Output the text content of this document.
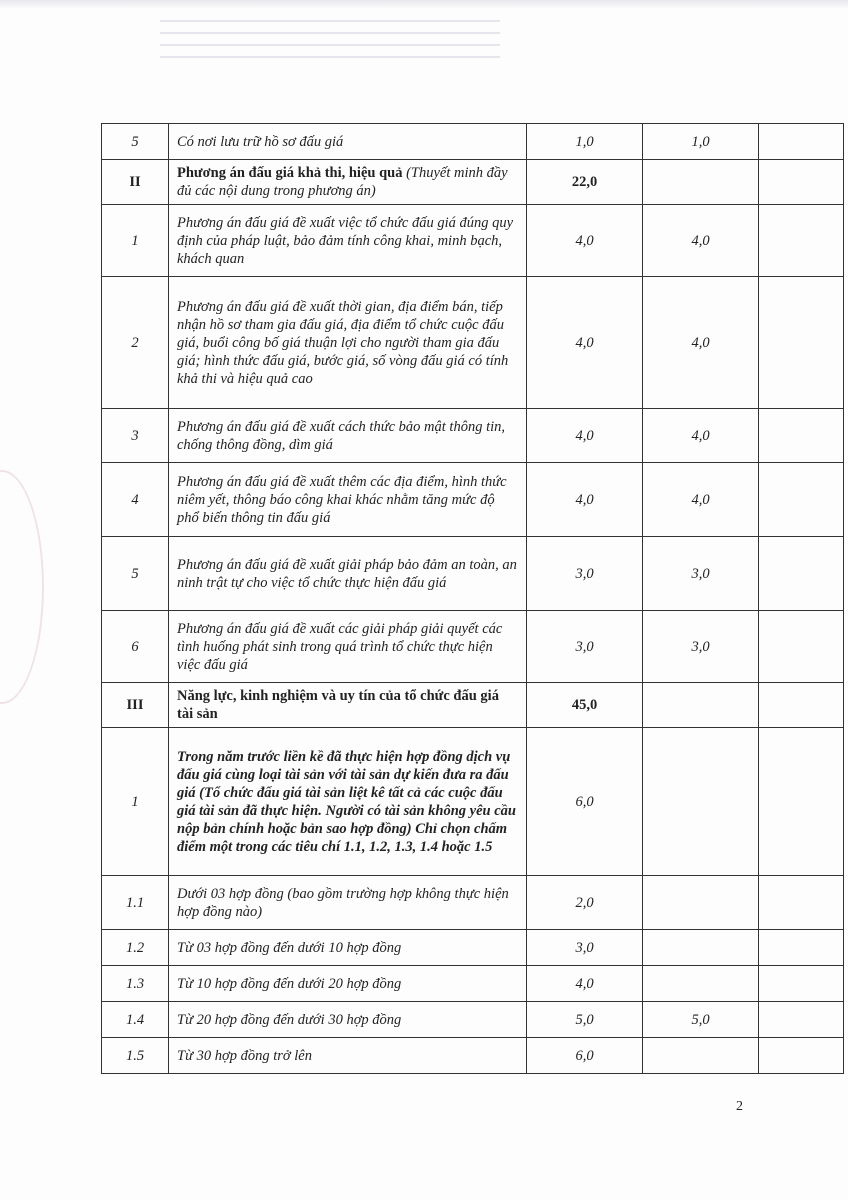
5	Có nơi lưu trữ hồ sơ đấu giá	1,0	1,0	
II	Phương án đấu giá khả thi, hiệu quả (Thuyết minh đầy đủ các nội dung trong phương án)	22,0		
1	Phương án đấu giá đề xuất việc tổ chức đấu giá đúng quy định của pháp luật, bảo đảm tính công khai, minh bạch, khách quan	4,0	4,0	
2	Phương án đấu giá đề xuất thời gian, địa điểm bán, tiếp nhận hồ sơ tham gia đấu giá, địa điểm tổ chức cuộc đấu giá, buổi công bố giá thuận lợi cho người tham gia đấu giá; hình thức đấu giá, bước giá, số vòng đấu giá có tính khả thi và hiệu quả cao	4,0	4,0	
3	Phương án đấu giá đề xuất cách thức bảo mật thông tin, chống thông đồng, dìm giá	4,0	4,0	
4	Phương án đấu giá đề xuất thêm các địa điểm, hình thức niêm yết, thông báo công khai khác nhằm tăng mức độ phổ biến thông tin đấu giá	4,0	4,0	
5	Phương án đấu giá đề xuất giải pháp bảo đảm an toàn, an ninh trật tự cho việc tổ chức thực hiện đấu giá	3,0	3,0	
6	Phương án đấu giá đề xuất các giải pháp giải quyết các tình huống phát sinh trong quá trình tổ chức thực hiện việc đấu giá	3,0	3,0	
III	Năng lực, kinh nghiệm và uy tín của tổ chức đấu giá tài sản	45,0		
1	Trong năm trước liền kề đã thực hiện hợp đồng dịch vụ đấu giá cùng loại tài sản với tài sản dự kiến đưa ra đấu giá (Tổ chức đấu giá tài sản liệt kê tất cả các cuộc đấu giá tài sản đã thực hiện. Người có tài sản không yêu cầu nộp bản chính hoặc bản sao hợp đồng) Chỉ chọn chấm điểm một trong các tiêu chí 1.1, 1.2, 1.3, 1.4 hoặc 1.5	6,0		
1.1	Dưới 03 hợp đồng (bao gồm trường hợp không thực hiện hợp đồng nào)	2,0		
1.2	Từ 03 hợp đồng đến dưới 10 hợp đồng	3,0		
1.3	Từ 10 hợp đồng đến dưới 20 hợp đồng	4,0		
1.4	Từ 20 hợp đồng đến dưới 30 hợp đồng	5,0	5,0	
1.5	Từ 30 hợp đồng trở lên	6,0		
2
